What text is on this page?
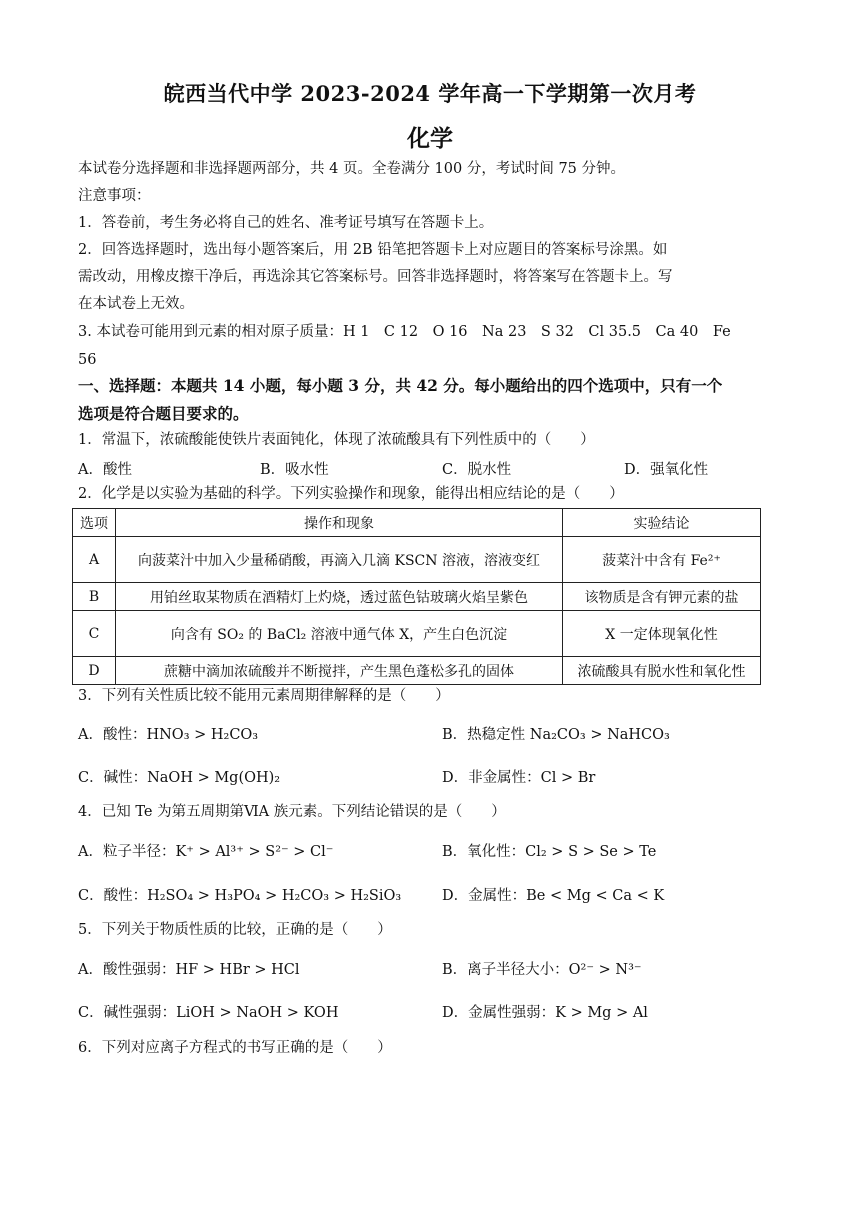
皖西当代中学 2023-2024 学年高一下学期第一次月考
化学
本试卷分选择题和非选择题两部分，共 4 页。全卷满分 100 分，考试时间 75 分钟。
注意事项：
1．答卷前，考生务必将自己的姓名、准考证号填写在答题卡上。
2．回答选择题时，选出每小题答案后，用 2B 铅笔把答题卡上对应题目的答案标号涂黑。如
需改动，用橡皮擦干净后，再选涂其它答案标号。回答非选择题时，将答案写在答题卡上。写
在本试卷上无效。
3. 本试卷可能用到元素的相对原子质量：H 1　C 12　O 16　Na 23　S 32　Cl 35.5　Ca 40　Fe
56
一、选择题：本题共 14 小题，每小题 3 分，共 42 分。每小题给出的四个选项中，只有一个
选项是符合题目要求的。
1．常温下，浓硫酸能使铁片表面钝化，体现了浓硫酸具有下列性质中的（　　）
A．酸性	B．吸水性	C．脱水性	D．强氧化性
2．化学是以实验为基础的科学。下列实验操作和现象，能得出相应结论的是（　　）
选项	操作和现象	实验结论
A	向菠菜汁中加入少量稀硝酸，再滴入几滴 KSCN 溶液，溶液变红	菠菜汁中含有 Fe²⁺
B	用铂丝取某物质在酒精灯上灼烧，透过蓝色钴玻璃火焰呈紫色	该物质是含有钾元素的盐
C	向含有 SO₂ 的 BaCl₂ 溶液中通气体 X，产生白色沉淀	X 一定体现氧化性
D	蔗糖中滴加浓硫酸并不断搅拌，产生黑色蓬松多孔的固体	浓硫酸具有脱水性和氧化性
3．下列有关性质比较不能用元素周期律解释的是（　　）
A．酸性：HNO₃ > H₂CO₃	B．热稳定性 Na₂CO₃ > NaHCO₃
C．碱性：NaOH > Mg(OH)₂	D．非金属性：Cl > Br
4．已知 Te 为第五周期第ⅥA 族元素。下列结论错误的是（　　）
A．粒子半径：K⁺ > Al³⁺ > S²⁻ > Cl⁻	B．氧化性：Cl₂ > S > Se > Te
C．酸性：H₂SO₄ > H₃PO₄ > H₂CO₃ > H₂SiO₃	D．金属性：Be < Mg < Ca < K
5．下列关于物质性质的比较，正确的是（　　）
A．酸性强弱：HF > HBr > HCl	B．离子半径大小：O²⁻ > N³⁻
C．碱性强弱：LiOH > NaOH > KOH	D．金属性强弱：K > Mg > Al
6．下列对应离子方程式的书写正确的是（　　）
